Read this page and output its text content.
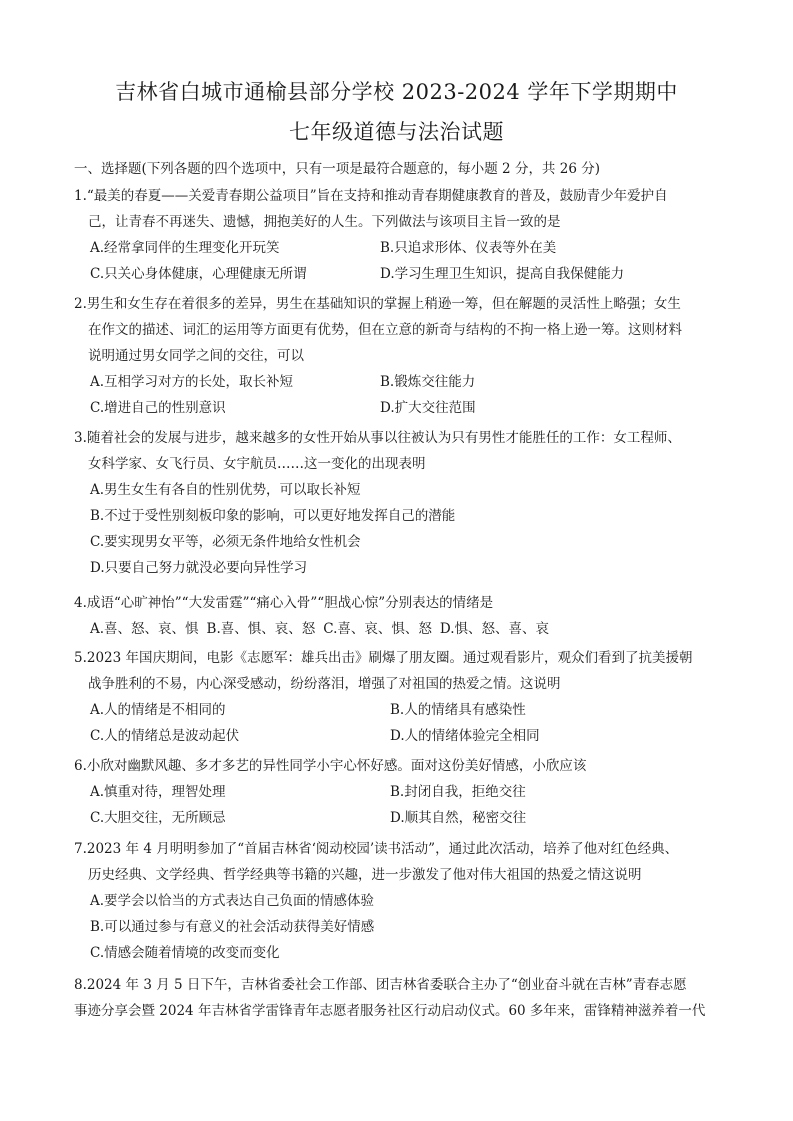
吉林省白城市通榆县部分学校 2023-2024 学年下学期期中
七年级道德与法治试题
一、选择题(下列各题的四个选项中，只有一项是最符合题意的，每小题 2 分，共 26 分)
1.“最美的春夏——关爱青春期公益项目”旨在支持和推动青春期健康教育的普及，鼓励青少年爱护自
己，让青春不再迷失、遗憾，拥抱美好的人生。下列做法与该项目主旨一致的是
A.经常拿同伴的生理变化开玩笑	B.只追求形体、仪表等外在美
C.只关心身体健康，心理健康无所谓	D.学习生理卫生知识，提高自我保健能力
2.男生和女生存在着很多的差异，男生在基础知识的掌握上稍逊一筹，但在解题的灵活性上略强；女生
在作文的描述、词汇的运用等方面更有优势，但在立意的新奇与结构的不拘一格上逊一筹。这则材料
说明通过男女同学之间的交往，可以
A.互相学习对方的长处，取长补短	B.锻炼交往能力
C.增进自己的性别意识	D.扩大交往范围
3.随着社会的发展与进步，越来越多的女性开始从事以往被认为只有男性才能胜任的工作：女工程师、
女科学家、女飞行员、女宇航员……这一变化的出现表明
A.男生女生有各自的性别优势，可以取长补短
B.不过于受性别刻板印象的影响，可以更好地发挥自己的潜能
C.要实现男女平等，必须无条件地给女性机会
D.只要自己努力就没必要向异性学习
4.成语“心旷神怡”“大发雷霆”“痛心入骨”“胆战心惊”分别表达的情绪是
A.喜、怒、哀、惧 B.喜、惧、哀、怒 C.喜、哀、惧、怒 D.惧、怒、喜、哀
5.2023 年国庆期间，电影《志愿军：雄兵出击》刷爆了朋友圈。通过观看影片，观众们看到了抗美援朝
战争胜利的不易，内心深受感动，纷纷落泪，增强了对祖国的热爱之情。这说明
A.人的情绪是不相同的	B.人的情绪具有感染性
C.人的情绪总是波动起伏	D.人的情绪体验完全相同
6.小欣对幽默风趣、多才多艺的异性同学小宇心怀好感。面对这份美好情感，小欣应该
A.慎重对待，理智处理	B.封闭自我，拒绝交往
C.大胆交往，无所顾忌	D.顺其自然，秘密交往
7.2023 年 4 月明明参加了“首届吉林省‘阅动校园’读书活动”，通过此次活动，培养了他对红色经典、
历史经典、文学经典、哲学经典等书籍的兴趣，进一步激发了他对伟大祖国的热爱之情这说明
A.要学会以恰当的方式表达自己负面的情感体验
B.可以通过参与有意义的社会活动获得美好情感
C.情感会随着情境的改变而变化
8.2024 年 3 月 5 日下午，吉林省委社会工作部、团吉林省委联合主办了“创业奋斗就在吉林”青春志愿
事迹分享会暨 2024 年吉林省学雷锋青年志愿者服务社区行动启动仪式。60 多年来，雷锋精神滋养着一代
